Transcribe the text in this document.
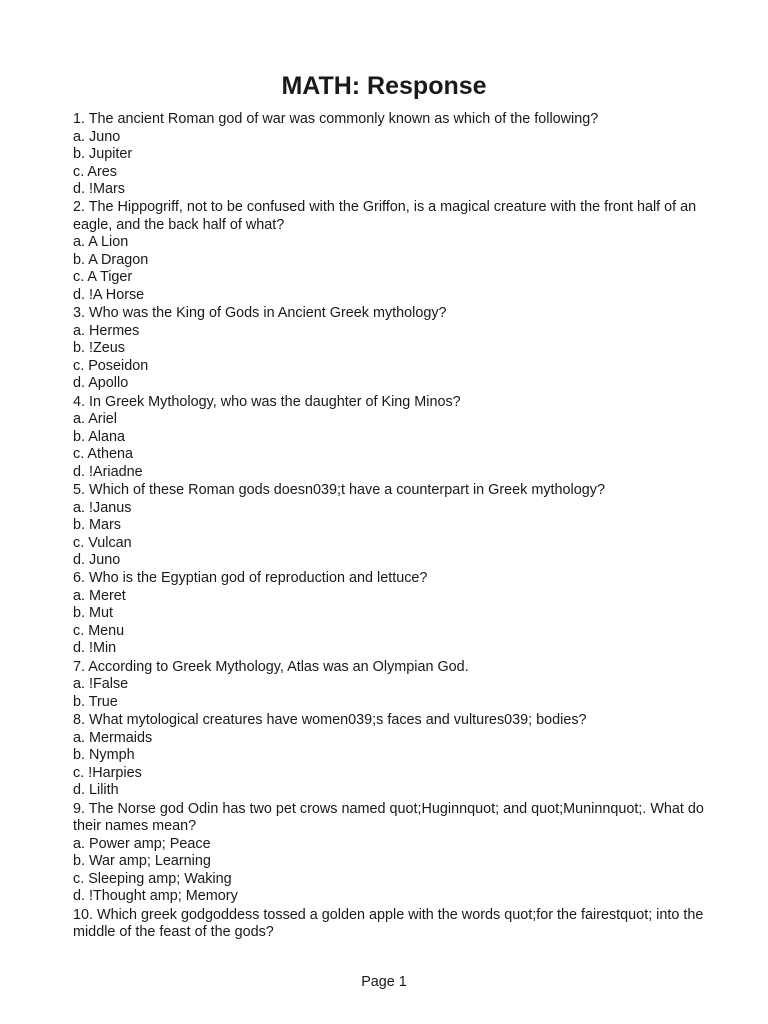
MATH: Response

1. The ancient Roman god of war was commonly known as which of the following?

a. Juno
b. Jupiter
c. Ares
d. !Mars

2. The Hippogriff, not to be confused with the Griffon, is a magical creature with the front half of an eagle, and the back half of what?

a. A Lion
b. A Dragon
c. A Tiger
d. !A Horse

3. Who was the King of Gods in Ancient Greek mythology?

a. Hermes
b. !Zeus
c. Poseidon
d. Apollo

4. In Greek Mythology, who was the daughter of King Minos?

a. Ariel
b. Alana
c. Athena
d. !Ariadne

5. Which of these Roman gods doesn039;t have a counterpart in Greek mythology?

a. !Janus
b. Mars
c. Vulcan
d. Juno

6. Who is the Egyptian god of reproduction and lettuce?

a. Meret
b. Mut
c. Menu
d. !Min

7. According to Greek Mythology, Atlas was an Olympian God.

a. !False
b. True

8. What mytological creatures have women039;s faces and vultures039; bodies?

a. Mermaids
b. Nymph
c. !Harpies
d. Lilith

9. The Norse god Odin has two pet crows named quot;Huginnquot; and quot;Muninnquot;. What do their names mean?

a. Power amp; Peace
b. War amp; Learning
c. Sleeping amp; Waking
d. !Thought amp; Memory

10. Which greek godgoddess tossed a golden apple with the words quot;for the fairestquot; into the middle of the feast of the gods?

Page 1
